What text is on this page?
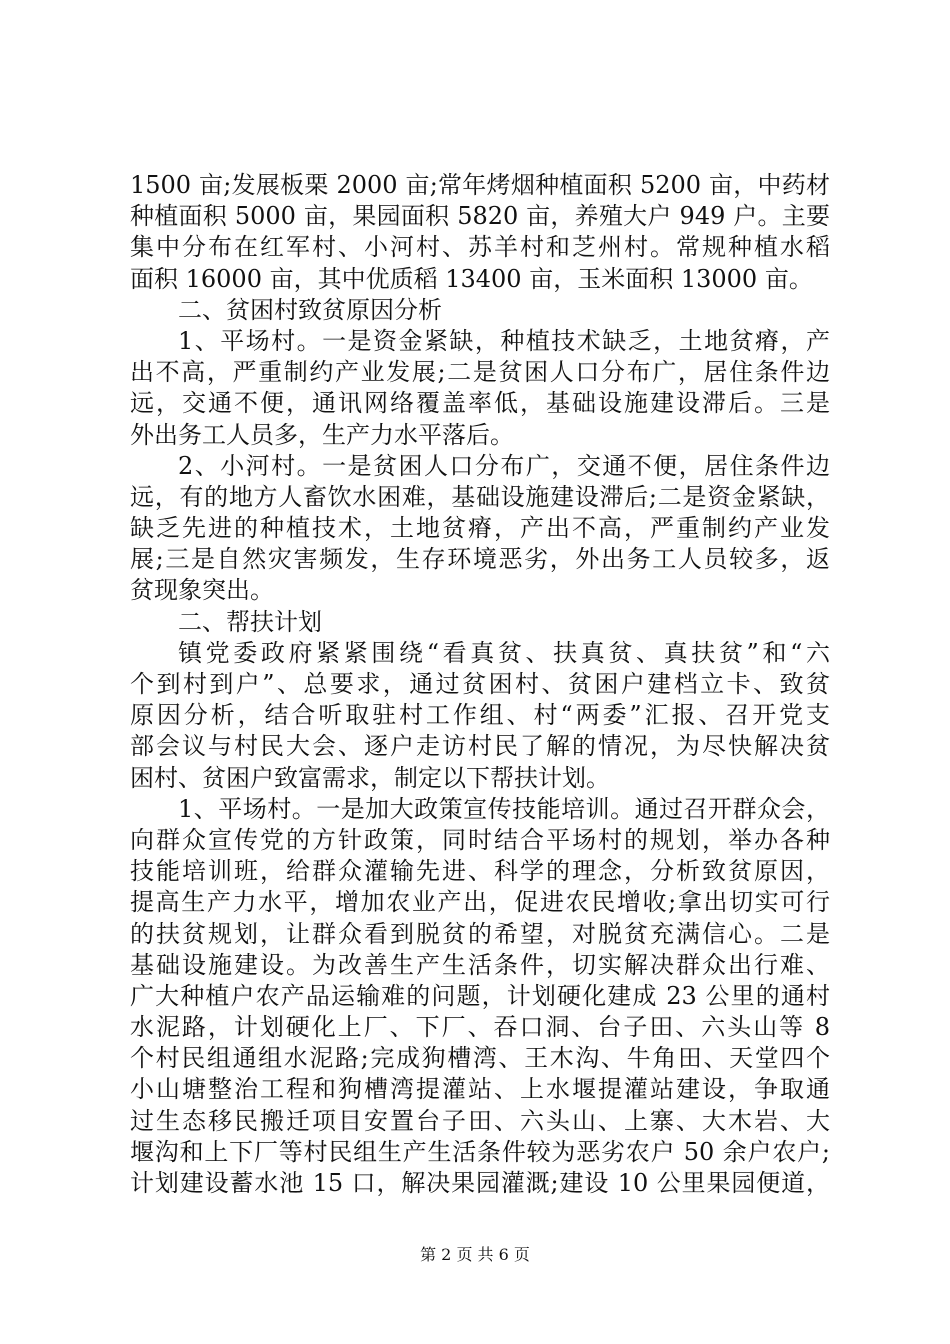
1500 亩;发展板栗 2000 亩;常年烤烟种植面积 5200 亩，中药材
种植面积 5000 亩，果园面积 5820 亩，养殖大户 949 户。主要
集中分布在红军村、小河村、苏羊村和芝州村。常规种植水稻
面积 16000 亩，其中优质稻 13400 亩，玉米面积 13000 亩。
二、贫困村致贫原因分析
1、平场村。一是资金紧缺，种植技术缺乏，土地贫瘠，产
出不高，严重制约产业发展;二是贫困人口分布广，居住条件边
远，交通不便，通讯网络覆盖率低，基础设施建设滞后。三是
外出务工人员多，生产力水平落后。
2、小河村。一是贫困人口分布广，交通不便，居住条件边
远，有的地方人畜饮水困难，基础设施建设滞后;二是资金紧缺，
缺乏先进的种植技术，土地贫瘠，产出不高，严重制约产业发
展;三是自然灾害频发，生存环境恶劣，外出务工人员较多，返
贫现象突出。
二、帮扶计划
镇党委政府紧紧围绕“看真贫、扶真贫、真扶贫”和“六
个到村到户”、总要求，通过贫困村、贫困户建档立卡、致贫
原因分析，结合听取驻村工作组、村“两委”汇报、召开党支
部会议与村民大会、逐户走访村民了解的情况，为尽快解决贫
困村、贫困户致富需求，制定以下帮扶计划。
1、平场村。一是加大政策宣传技能培训。通过召开群众会，
向群众宣传党的方针政策，同时结合平场村的规划，举办各种
技能培训班，给群众灌输先进、科学的理念，分析致贫原因，
提高生产力水平，增加农业产出，促进农民增收;拿出切实可行
的扶贫规划，让群众看到脱贫的希望，对脱贫充满信心。二是
基础设施建设。为改善生产生活条件，切实解决群众出行难、
广大种植户农产品运输难的问题，计划硬化建成 23 公里的通村
水泥路，计划硬化上厂、下厂、吞口洞、台子田、六头山等 8
个村民组通组水泥路;完成狗槽湾、王木沟、牛角田、天堂四个
小山塘整治工程和狗槽湾提灌站、上水堰提灌站建设，争取通
过生态移民搬迁项目安置台子田、六头山、上寨、大木岩、大
堰沟和上下厂等村民组生产生活条件较为恶劣农户 50 余户农户;
计划建设蓄水池 15 口，解决果园灌溉;建设 10 公里果园便道，
第 2 页 共 6 页
